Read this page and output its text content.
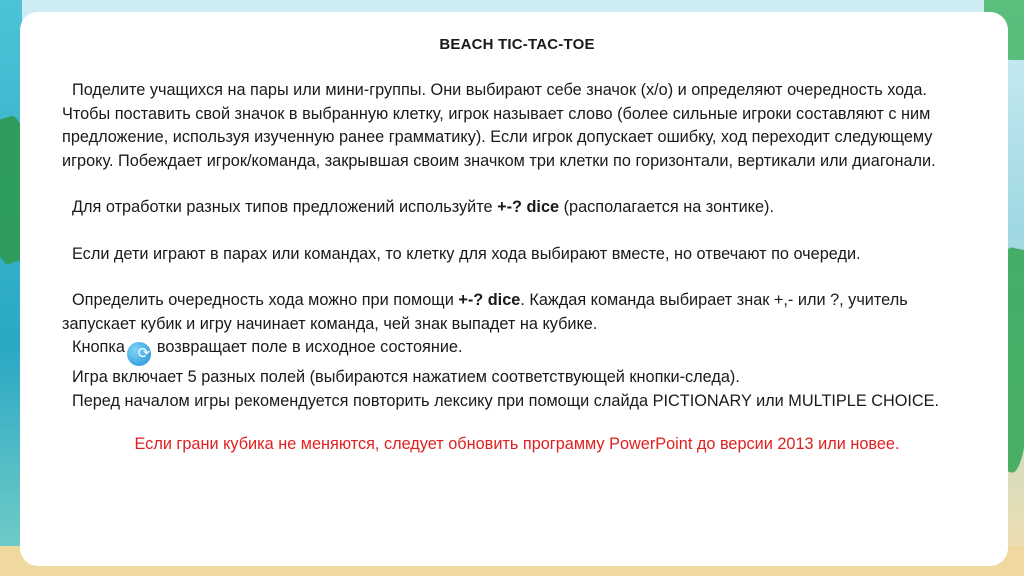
BEACH TIC-TAC-TOE

Поделите учащихся на пары или мини-группы. Они выбирают себе значок (х/о) и определяют очередность хода. Чтобы поставить свой значок в выбранную клетку, игрок называет слово (более сильные игроки составляют с ним предложение, используя изученную ранее грамматику). Если игрок допускает ошибку, ход переходит следующему игроку. Побеждает игрок/команда, закрывшая своим значком три клетки по горизонтали, вертикали или диагонали.

Для отработки разных типов предложений используйте +-? dice (располагается на зонтике).

Если дети играют в парах или командах, то клетку для хода выбирают вместе, но отвечают по очереди.

Определить очередность хода можно при помощи +-? dice. Каждая команда выбирает знак +,- или ?, учитель запускает кубик и игру начинает команда, чей знак выпадет на кубике.

Кнопка ⟳ возвращает поле в исходное состояние.

Игра включает 5 разных полей (выбираются нажатием соответствующей кнопки-следа).

Перед началом игры рекомендуется повторить лексику при помощи слайда PICTIONARY или MULTIPLE CHOICE.

Если грани кубика не меняются, следует обновить программу PowerPoint до версии 2013 или новее.
